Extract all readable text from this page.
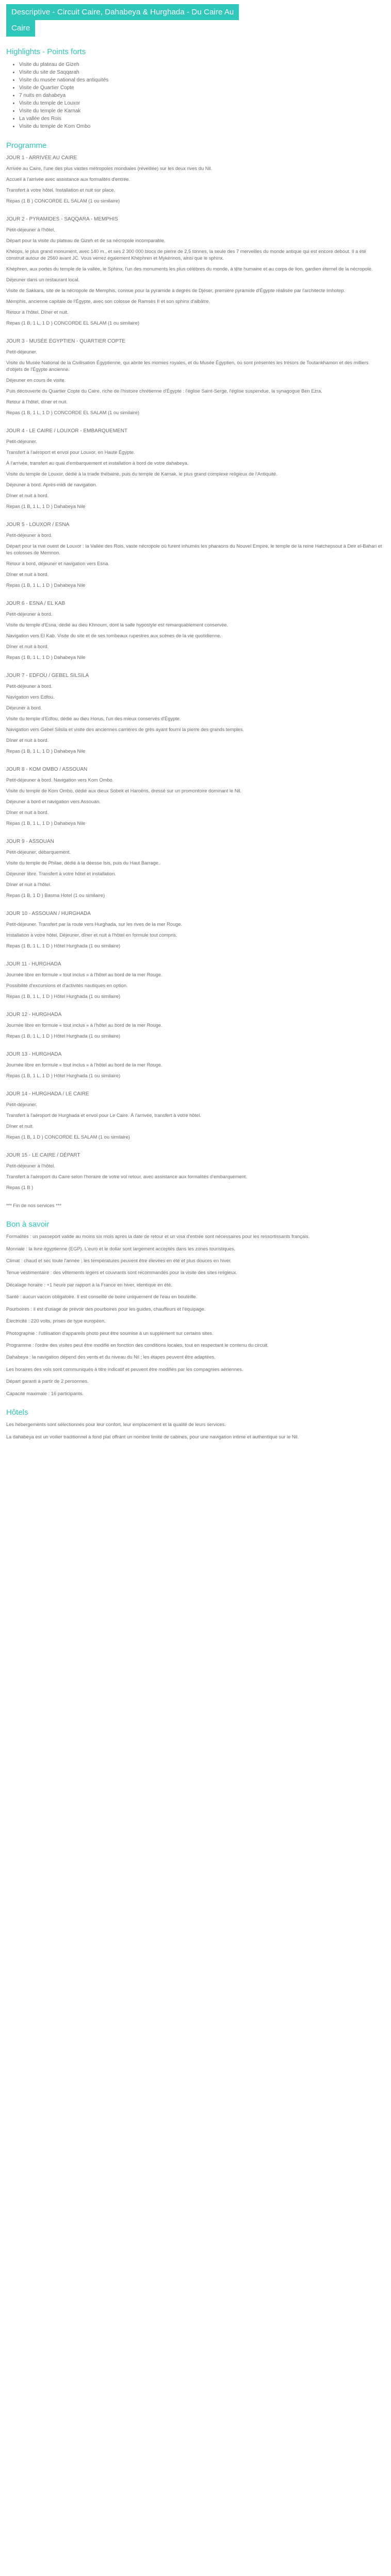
Descriptive - Circuit Caire, Dahabeya & Hurghada - Du Caire Au
Caire
Highlights - Points forts
• Visite du plateau de Gizeh
• Visite du site de Saqqarah
• Visite du musée national des antiquités
• Visite de Quartier Copte
• 7 nuits en dahabeya
• Visite du temple de Louxor
• Visite du temple de Karnak
• La vallée des Rois
• Visite du temple de Kom Ombo
Programme

JOUR 1 - ARRIVÉE AU CAIRE

Arrivée au Caire, l'une des plus vastes métropoles mondiales (réveillée) sur les deux rives du Nil.

Accueil à l'arrivée avec assistance aux formalités d'entrée.

Transfert à votre hôtel. Installation et nuit sur place.

Repas (1 B ) CONCORDE EL SALAM (1 ou similaire)

JOUR 2 - PYRAMIDES - SAQQARA - MEMPHIS

Petit-déjeuner à l'hôtel.

Départ pour la visite du plateau de Gizeh et de sa nécropole incomparable.

Khéops, le plus grand monument, avec 140 m., et ses 2 300 000 blocs de pierre de 2,5 tonnes, la seule des 7 merveilles du monde antique qui est encore debout. Il a été construit autour de 2560 avant JC. Vous verrez également Khéphren et Mykérinos, ainsi que le sphinx.

Khéphren, aux portes du temple de la vallée, le Sphinx, l'un des monuments les plus célèbres du monde, à tête humaine et au corps de lion, gardien éternel de la nécropole.

Déjeuner dans un restaurant local.

Visite de Sakkara, site de la nécropole de Memphis, connue pour la pyramide à degrés de Djéser, première pyramide d'Égypte réalisée par l'architecte Imhotep.

Memphis, ancienne capitale de l'Égypte, avec son colosse de Ramsès II et son sphinx d'albâtre.

Retour à l'hôtel. Dîner et nuit.

Repas (1 B, 1 L, 1 D ) CONCORDE EL SALAM (1 ou similaire)

JOUR 3 - MUSÉE ÉGYPTIEN - QUARTIER COPTE

Petit-déjeuner.

Visite du Musée National de la Civilisation Égyptienne, qui abrite les momies royales, et du Musée Égyptien, où sont présentés les trésors de Toutankhamon et des milliers d'objets de l'Égypte ancienne.

Déjeuner en cours de visite.

Puis découverte du Quartier Copte du Caire, riche de l'histoire chrétienne d'Égypte : l'église Saint-Serge, l'église suspendue, la synagogue Ben Ezra.

Retour à l'hôtel, dîner et nuit.

Repas (1 B, 1 L, 1 D ) CONCORDE EL SALAM (1 ou similaire)

JOUR 4 - LE CAIRE / LOUXOR - EMBARQUEMENT

Petit-déjeuner.

Transfert à l'aéroport et envol pour Louxor, en Haute Égypte.

À l'arrivée, transfert au quai d'embarquement et installation à bord de votre dahabeya.

Visite du temple de Louxor, dédié à la triade thébaine, puis du temple de Karnak, le plus grand complexe religieux de l'Antiquité.

Déjeuner à bord. Après-midi de navigation.

Dîner et nuit à bord.

Repas (1 B, 1 L, 1 D ) Dahabeya Nile

JOUR 5 - LOUXOR / ESNA

Petit-déjeuner à bord.

Départ pour la rive ouest de Louxor : la Vallée des Rois, vaste nécropole où furent inhumés les pharaons du Nouvel Empire, le temple de la reine Hatchepsout à Deir el-Bahari et les colosses de Memnon.

Retour à bord, déjeuner et navigation vers Esna.

Dîner et nuit à bord.

Repas (1 B, 1 L, 1 D ) Dahabeya Nile

JOUR 6 - ESNA / EL KAB

Petit-déjeuner à bord.

Visite du temple d'Esna, dédié au dieu Khnoum, dont la salle hypostyle est remarquablement conservée.

Navigation vers El Kab. Visite du site et de ses tombeaux rupestres aux scènes de la vie quotidienne.

Dîner et nuit à bord.

Repas (1 B, 1 L, 1 D ) Dahabeya Nile

JOUR 7 - EDFOU / GEBEL SILSILA

Petit-déjeuner à bord.

Navigation vers Edfou.

Déjeuner à bord.

Visite du temple d'Edfou, dédié au dieu Horus, l'un des mieux conservés d'Égypte.

Navigation vers Gebel Silsila et visite des anciennes carrières de grès ayant fourni la pierre des grands temples.

Dîner et nuit à bord.

Repas (1 B, 1 L, 1 D ) Dahabeya Nile

JOUR 8 - KOM OMBO / ASSOUAN

Petit-déjeuner à bord. Navigation vers Kom Ombo.

Visite du temple de Kom Ombo, dédié aux dieux Sobek et Haroëris, dressé sur un promontoire dominant le Nil.

Déjeuner à bord et navigation vers Assouan.

Dîner et nuit à bord.

Repas (1 B, 1 L, 1 D ) Dahabeya Nile

JOUR 9 - ASSOUAN

Petit-déjeuner, débarquement.

Visite du temple de Philae, dédié à la déesse Isis, puis du Haut Barrage.

Déjeuner libre. Transfert à votre hôtel et installation.

Dîner et nuit à l'hôtel.

Repas (1 B, 1 D ) Basma Hotel (1 ou similaire)

JOUR 10 - ASSOUAN / HURGHADA

Petit-déjeuner. Transfert par la route vers Hurghada, sur les rives de la mer Rouge.

Installation à votre hôtel. Déjeuner, dîner et nuit à l'hôtel en formule tout compris.

Repas (1 B, 1 L, 1 D ) Hôtel Hurghada (1 ou similaire)

JOUR 11 - HURGHADA

Journée libre en formule « tout inclus » à l'hôtel au bord de la mer Rouge.

Possibilité d'excursions et d'activités nautiques en option.

Repas (1 B, 1 L, 1 D ) Hôtel Hurghada (1 ou similaire)

JOUR 12 - HURGHADA

Journée libre en formule « tout inclus » à l'hôtel au bord de la mer Rouge.

Repas (1 B, 1 L, 1 D ) Hôtel Hurghada (1 ou similaire)

JOUR 13 - HURGHADA

Journée libre en formule « tout inclus » à l'hôtel au bord de la mer Rouge.

Repas (1 B, 1 L, 1 D ) Hôtel Hurghada (1 ou similaire)

JOUR 14 - HURGHADA / LE CAIRE

Petit-déjeuner.

Transfert à l'aéroport de Hurghada et envol pour Le Caire. À l'arrivée, transfert à votre hôtel.

Dîner et nuit.

Repas (1 B, 1 D ) CONCORDE EL SALAM (1 ou similaire)

JOUR 15 - LE CAIRE / DÉPART

Petit-déjeuner à l'hôtel.

Transfert à l'aéroport du Caire selon l'horaire de votre vol retour, avec assistance aux formalités d'embarquement.

Repas (1 B )

*** Fin de nos services ***

Bon à savoir

Formalités : un passeport valide au moins six mois après la date de retour et un visa d'entrée sont nécessaires pour les ressortissants français.

Monnaie : la livre égyptienne (EGP). L'euro et le dollar sont largement acceptés dans les zones touristiques.

Climat : chaud et sec toute l'année ; les températures peuvent être élevées en été et plus douces en hiver.

Tenue vestimentaire : des vêtements légers et couvrants sont recommandés pour la visite des sites religieux.

Décalage horaire : +1 heure par rapport à la France en hiver, identique en été.

Santé : aucun vaccin obligatoire. Il est conseillé de boire uniquement de l'eau en bouteille.

Pourboires : il est d'usage de prévoir des pourboires pour les guides, chauffeurs et l'équipage.

Électricité : 220 volts, prises de type européen.

Photographie : l'utilisation d'appareils photo peut être soumise à un supplément sur certains sites.

Programme : l'ordre des visites peut être modifié en fonction des conditions locales, tout en respectant le contenu du circuit.

Dahabeya : la navigation dépend des vents et du niveau du Nil ; les étapes peuvent être adaptées.

Les horaires des vols sont communiqués à titre indicatif et peuvent être modifiés par les compagnies aériennes.

Départ garanti à partir de 2 personnes.

Capacité maximale : 16 participants.

Hôtels

Les hébergements sont sélectionnés pour leur confort, leur emplacement et la qualité de leurs services.

La dahabeya est un voilier traditionnel à fond plat offrant un nombre limité de cabines, pour une navigation intime et authentique sur le Nil.
